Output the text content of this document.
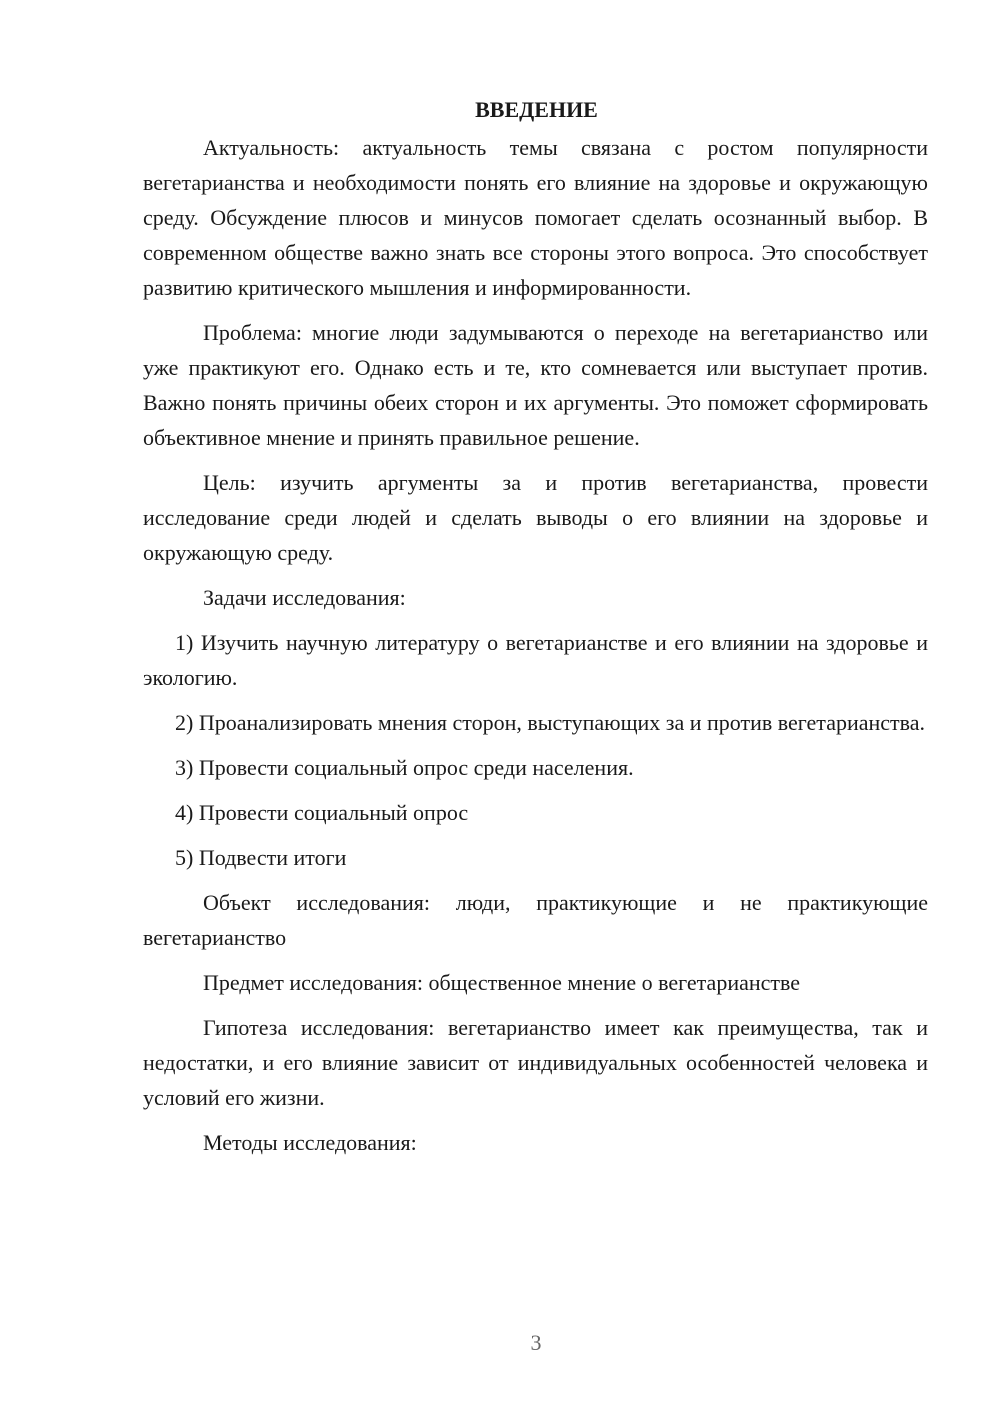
ВВЕДЕНИЕ

Актуальность: актуальность темы связана с ростом популярности вегетарианства и необходимости понять его влияние на здоровье и окружающую среду. Обсуждение плюсов и минусов помогает сделать осознанный выбор. В современном обществе важно знать все стороны этого вопроса. Это способствует развитию критического мышления и информированности.

Проблема: многие люди задумываются о переходе на вегетарианство или уже практикуют его. Однако есть и те, кто сомневается или выступает против. Важно понять причины обеих сторон и их аргументы. Это поможет сформировать объективное мнение и принять правильное решение.

Цель: изучить аргументы за и против вегетарианства, провести исследование среди людей и сделать выводы о его влиянии на здоровье и окружающую среду.

Задачи исследования:

1) Изучить научную литературу о вегетарианстве и его влиянии на здоровье и экологию.

2) Проанализировать мнения сторон, выступающих за и против вегетарианства.

3) Провести социальный опрос среди населения.

4) Провести социальный опрос

5) Подвести итоги

Объект исследования: люди, практикующие и не практикующие вегетарианство

Предмет исследования: общественное мнение о вегетарианстве

Гипотеза исследования: вегетарианство имеет как преимущества, так и недостатки, и его влияние зависит от индивидуальных особенностей человека и условий его жизни.

Методы исследования:

3
